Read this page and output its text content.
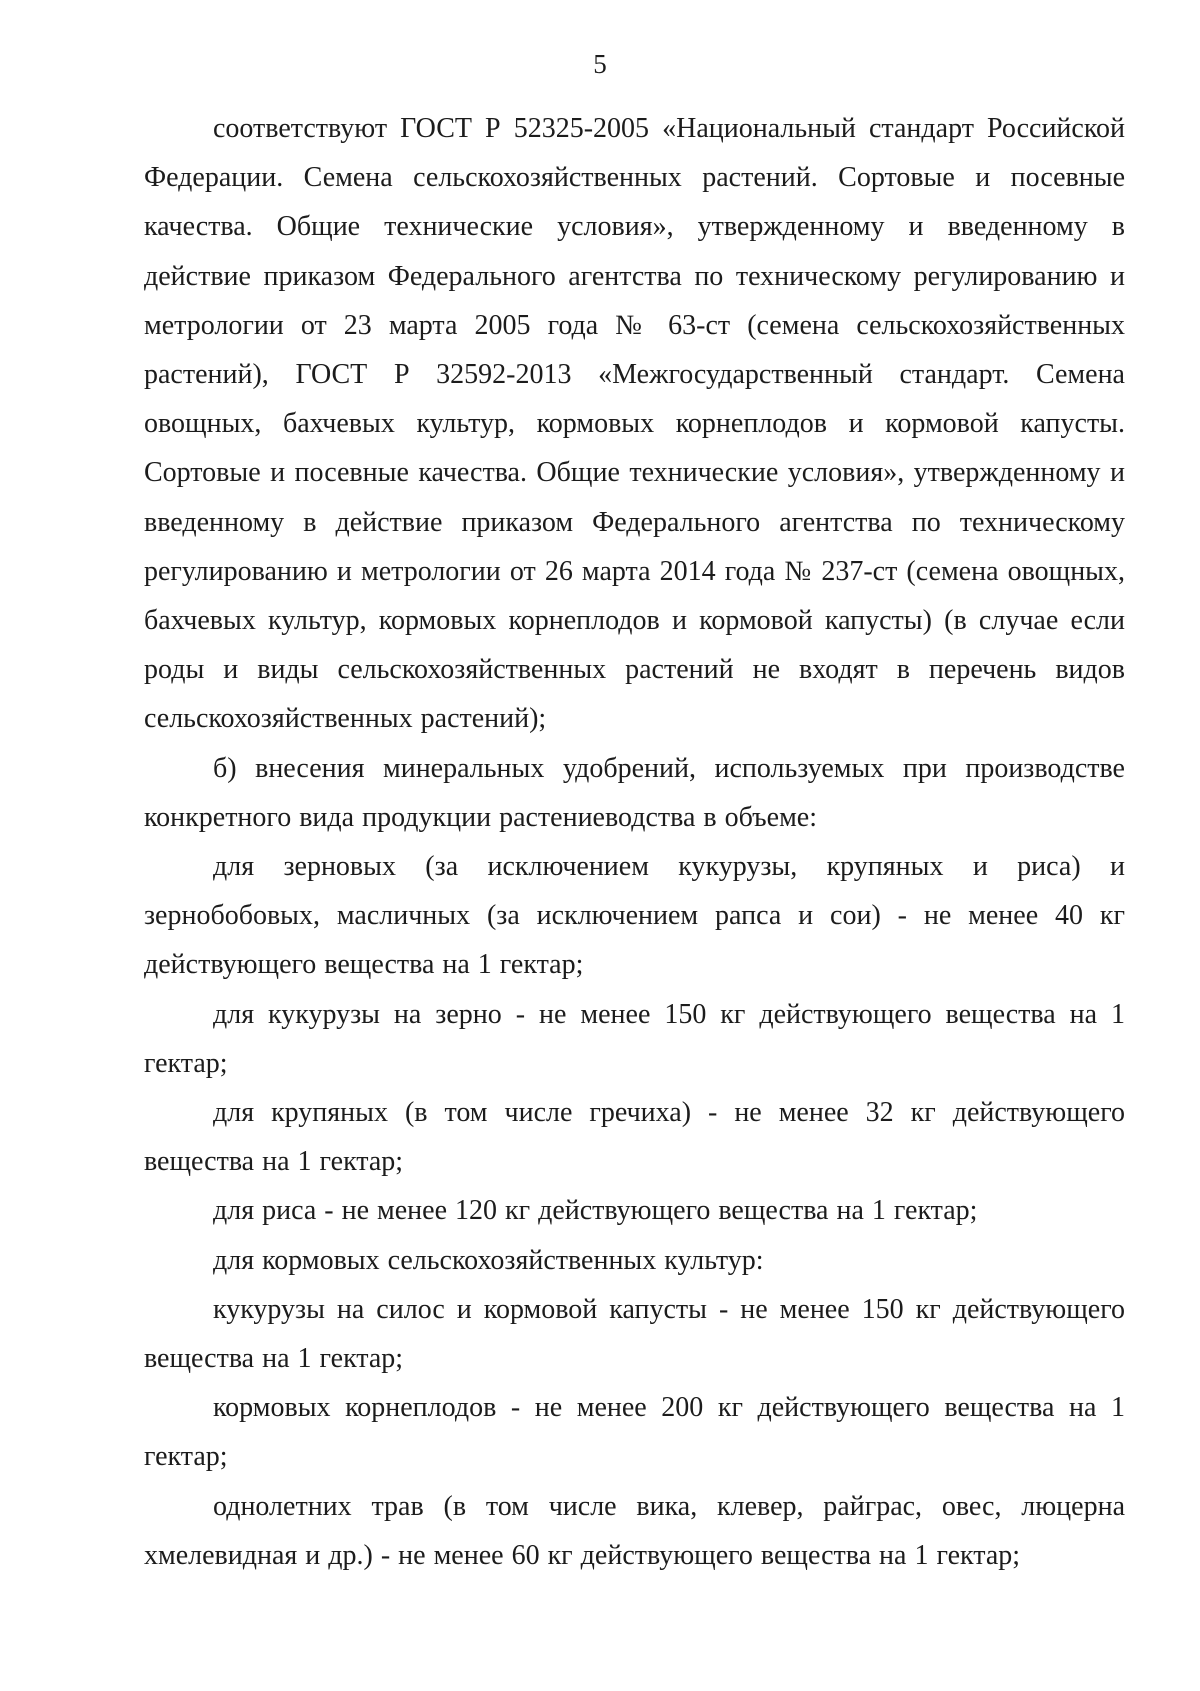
5

соответствуют ГОСТ Р 52325-2005 «Национальный стандарт Российской Федерации. Семена сельскохозяйственных растений. Сортовые и посевные качества. Общие технические условия», утвержденному и введенному в действие приказом Федерального агентства по техническому регулированию и метрологии от 23 марта 2005 года № 63-ст (семена сельскохозяйственных растений), ГОСТ Р 32592-2013 «Межгосударственный стандарт. Семена овощных, бахчевых культур, кормовых корнеплодов и кормовой капусты. Сортовые и посевные качества. Общие технические условия», утвержденному и введенному в действие приказом Федерального агентства по техническому регулированию и метрологии от 26 марта 2014 года № 237-ст (семена овощных, бахчевых культур, кормовых корнеплодов и кормовой капусты) (в случае если роды и виды сельскохозяйственных растений не входят в перечень видов сельскохозяйственных растений);

б) внесения минеральных удобрений, используемых при производстве конкретного вида продукции растениеводства в объеме:

для зерновых (за исключением кукурузы, крупяных и риса) и зернобобовых, масличных (за исключением рапса и сои) - не менее 40 кг действующего вещества на 1 гектар;

для кукурузы на зерно - не менее 150 кг действующего вещества на 1 гектар;

для крупяных (в том числе гречиха) - не менее 32 кг действующего вещества на 1 гектар;

для риса - не менее 120 кг действующего вещества на 1 гектар;

для кормовых сельскохозяйственных культур:

кукурузы на силос и кормовой капусты - не менее 150 кг действующего вещества на 1 гектар;

кормовых корнеплодов - не менее 200 кг действующего вещества на 1 гектар;

однолетних трав (в том числе вика, клевер, райграс, овес, люцерна хмелевидная и др.) - не менее 60 кг действующего вещества на 1 гектар;
